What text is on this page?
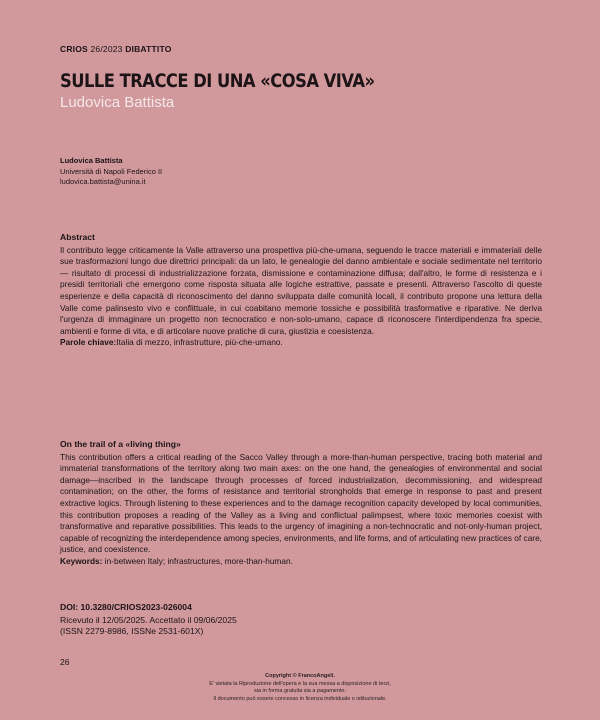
CRIOS 26/2023 DIBATTITO
SULLE TRACCE DI UNA «COSA VIVA»
Ludovica Battista
Ludovica Battista
Università di Napoli Federico II
ludovica.battista@unina.it
Abstract
Il contributo legge criticamente la Valle attraverso una prospettiva più-che-umana, seguendo le tracce materiali e immateriali delle sue trasformazioni lungo due direttrici principali: da un lato, le genealogie del danno ambientale e sociale sedimentate nel territorio — risultato di processi di industrializzazione forzata, dismissione e contaminazione diffusa; dall'altro, le forme di resistenza e i presidi territoriali che emergono come risposta situata alle logiche estrattive, passate e presenti. Attraverso l'ascolto di queste esperienze e della capacità di riconoscimento del danno sviluppata dalle comunità locali, il contributo propone una lettura della Valle come palinsesto vivo e conflittuale, in cui coabitano memorie tossiche e possibilità trasformative e riparative. Ne deriva l'urgenza di immaginare un progetto non tecnocratico e non-solo-umano, capace di riconoscere l'interdipendenza fra specie, ambienti e forme di vita, e di articolare nuove pratiche di cura, giustizia e coesistenza.
Parole chiave:Italia di mezzo, infrastrutture, più-che-umano.
On the trail of a «living thing»
This contribution offers a critical reading of the Sacco Valley through a more-than-human perspective, tracing both material and immaterial transformations of the territory along two main axes: on the one hand, the genealogies of environmental and social damage—inscribed in the landscape through processes of forced industrialization, decommissioning, and widespread contamination; on the other, the forms of resistance and territorial strongholds that emerge in response to past and present extractive logics. Through listening to these experiences and to the damage recognition capacity developed by local communities, this contribution proposes a reading of the Valley as a living and conflictual palimpsest, where toxic memories coexist with transformative and reparative possibilities. This leads to the urgency of imagining a non-technocratic and not-only-human project, capable of recognizing the interdependence among species, environments, and life forms, and of articulating new practices of care, justice, and coexistence.
Keywords: in-between Italy; infrastructures, more-than-human.
DOI: 10.3280/CRIOS2023-026004
Ricevuto il 12/05/2025. Accettato il 09/06/2025
(ISSN 2279-8986, ISSNe 2531-601X)
26
Copyright © FrancoAngeli.
E' vietata la Riproduzione dell'opera e la sua messa a disposizione di terzi,
sia in forma gratuita sia a pagamento.
Il documento può essere concesso in licenza individuale o istituzionale.
